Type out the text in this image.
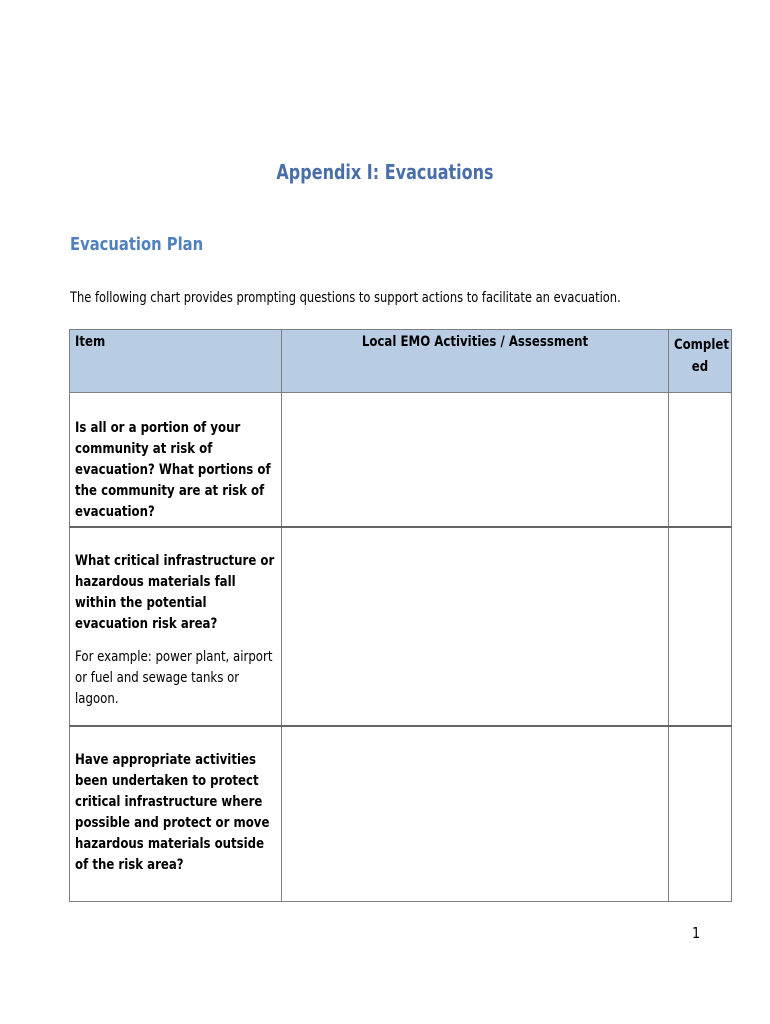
Appendix I: Evacuations
Evacuation Plan
The following chart provides prompting questions to support actions to facilitate an evacuation.
Item	Local EMO Activities / Assessment	Complet
ed

Is all or a portion of your community at risk of evacuation? What portions of the community are at risk of evacuation?		

What critical infrastructure or hazardous materials fall within the potential evacuation risk area?
For example: power plant, airport or fuel and sewage tanks or lagoon.		

Have appropriate activities been undertaken to protect critical infrastructure where possible and protect or move hazardous materials outside of the risk area?		

1
